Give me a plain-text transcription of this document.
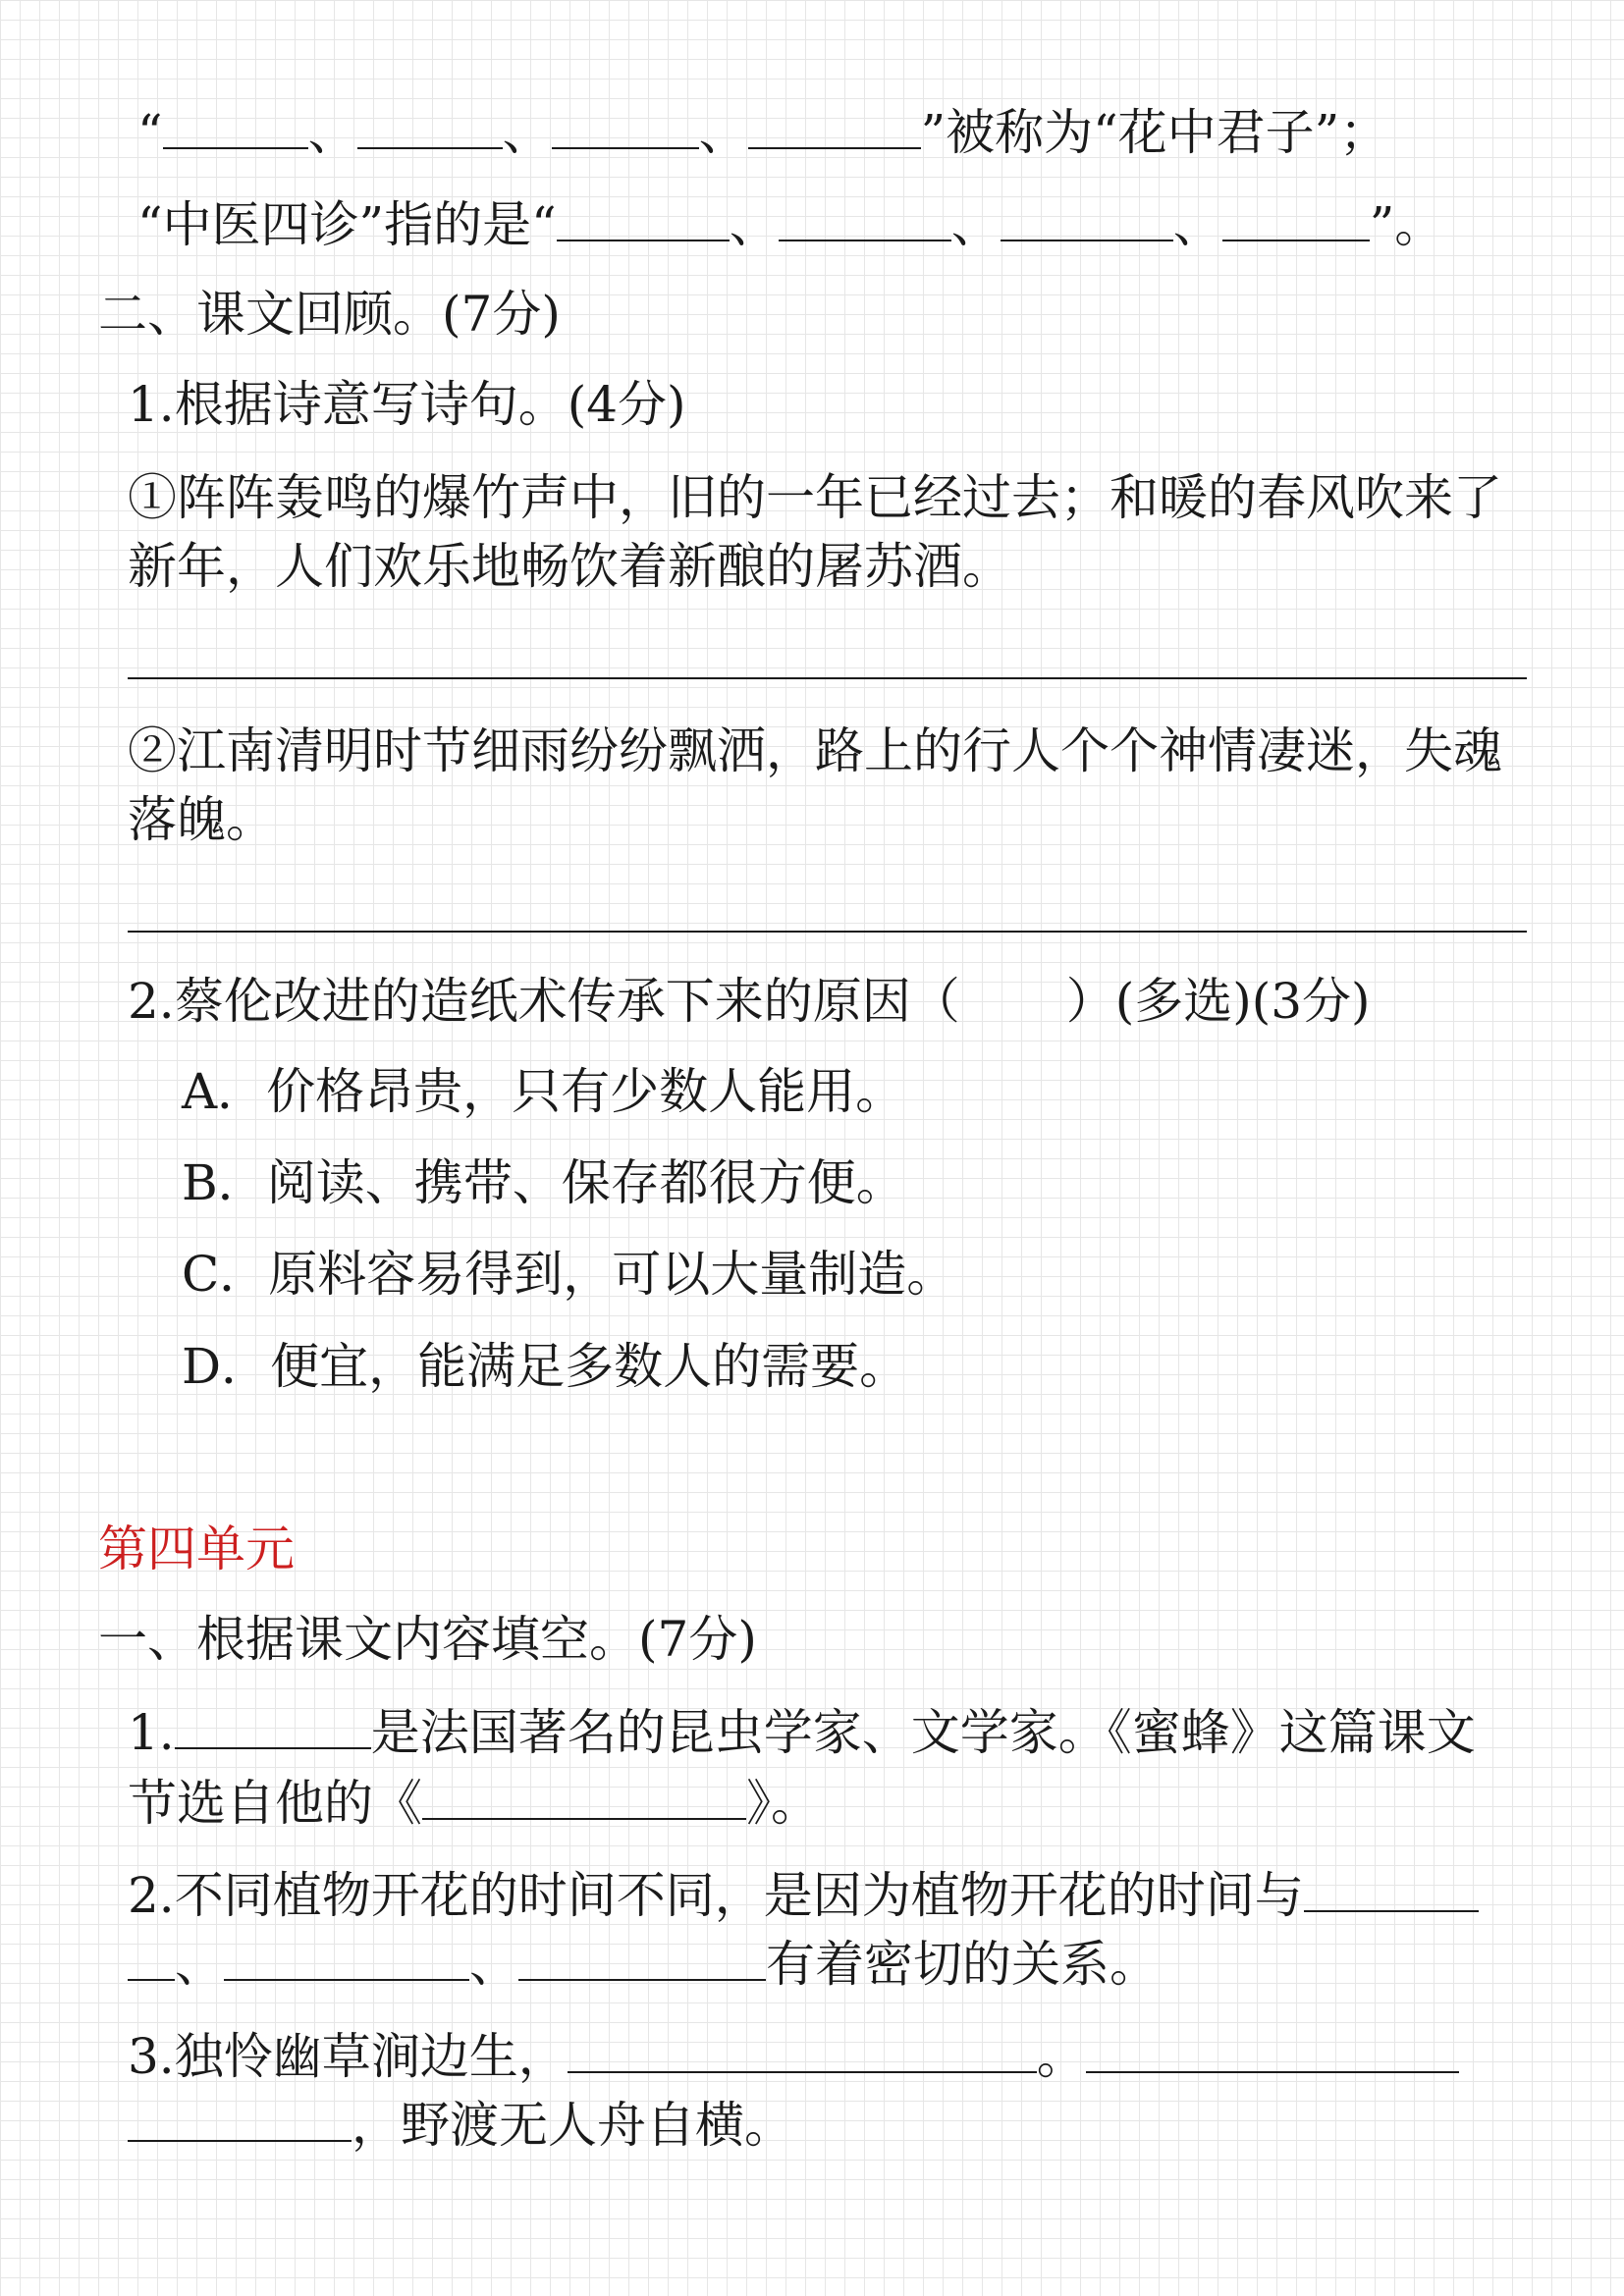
“	、	、	、	”被称为“花中君子”；
“中医四诊”指的是“	、	、	、	”。
二、课文回顾。(7分)
1.根据诗意写诗句。(4分)
①阵阵轰鸣的爆竹声中，旧的一年已经过去；和暖的春风吹来了
新年，人们欢乐地畅饮着新酿的屠苏酒。
②江南清明时节细雨纷纷飘洒，路上的行人个个神情凄迷，失魂
落魄。
2.蔡伦改进的造纸术传承下来的原因（ ）(多选)(3分)
A．价格昂贵，只有少数人能用。
B．阅读、携带、保存都很方便。
C．原料容易得到，可以大量制造。
D．便宜，能满足多数人的需要。
第四单元
一、根据课文内容填空。(7分)
1.	是法国著名的昆虫学家、文学家。《蜜蜂》这篇课文
节选自他的《	》。
2.不同植物开花的时间不同，是因为植物开花的时间与
、	、	有着密切的关系。
3.独怜幽草涧边生，	。
，野渡无人舟自横。
